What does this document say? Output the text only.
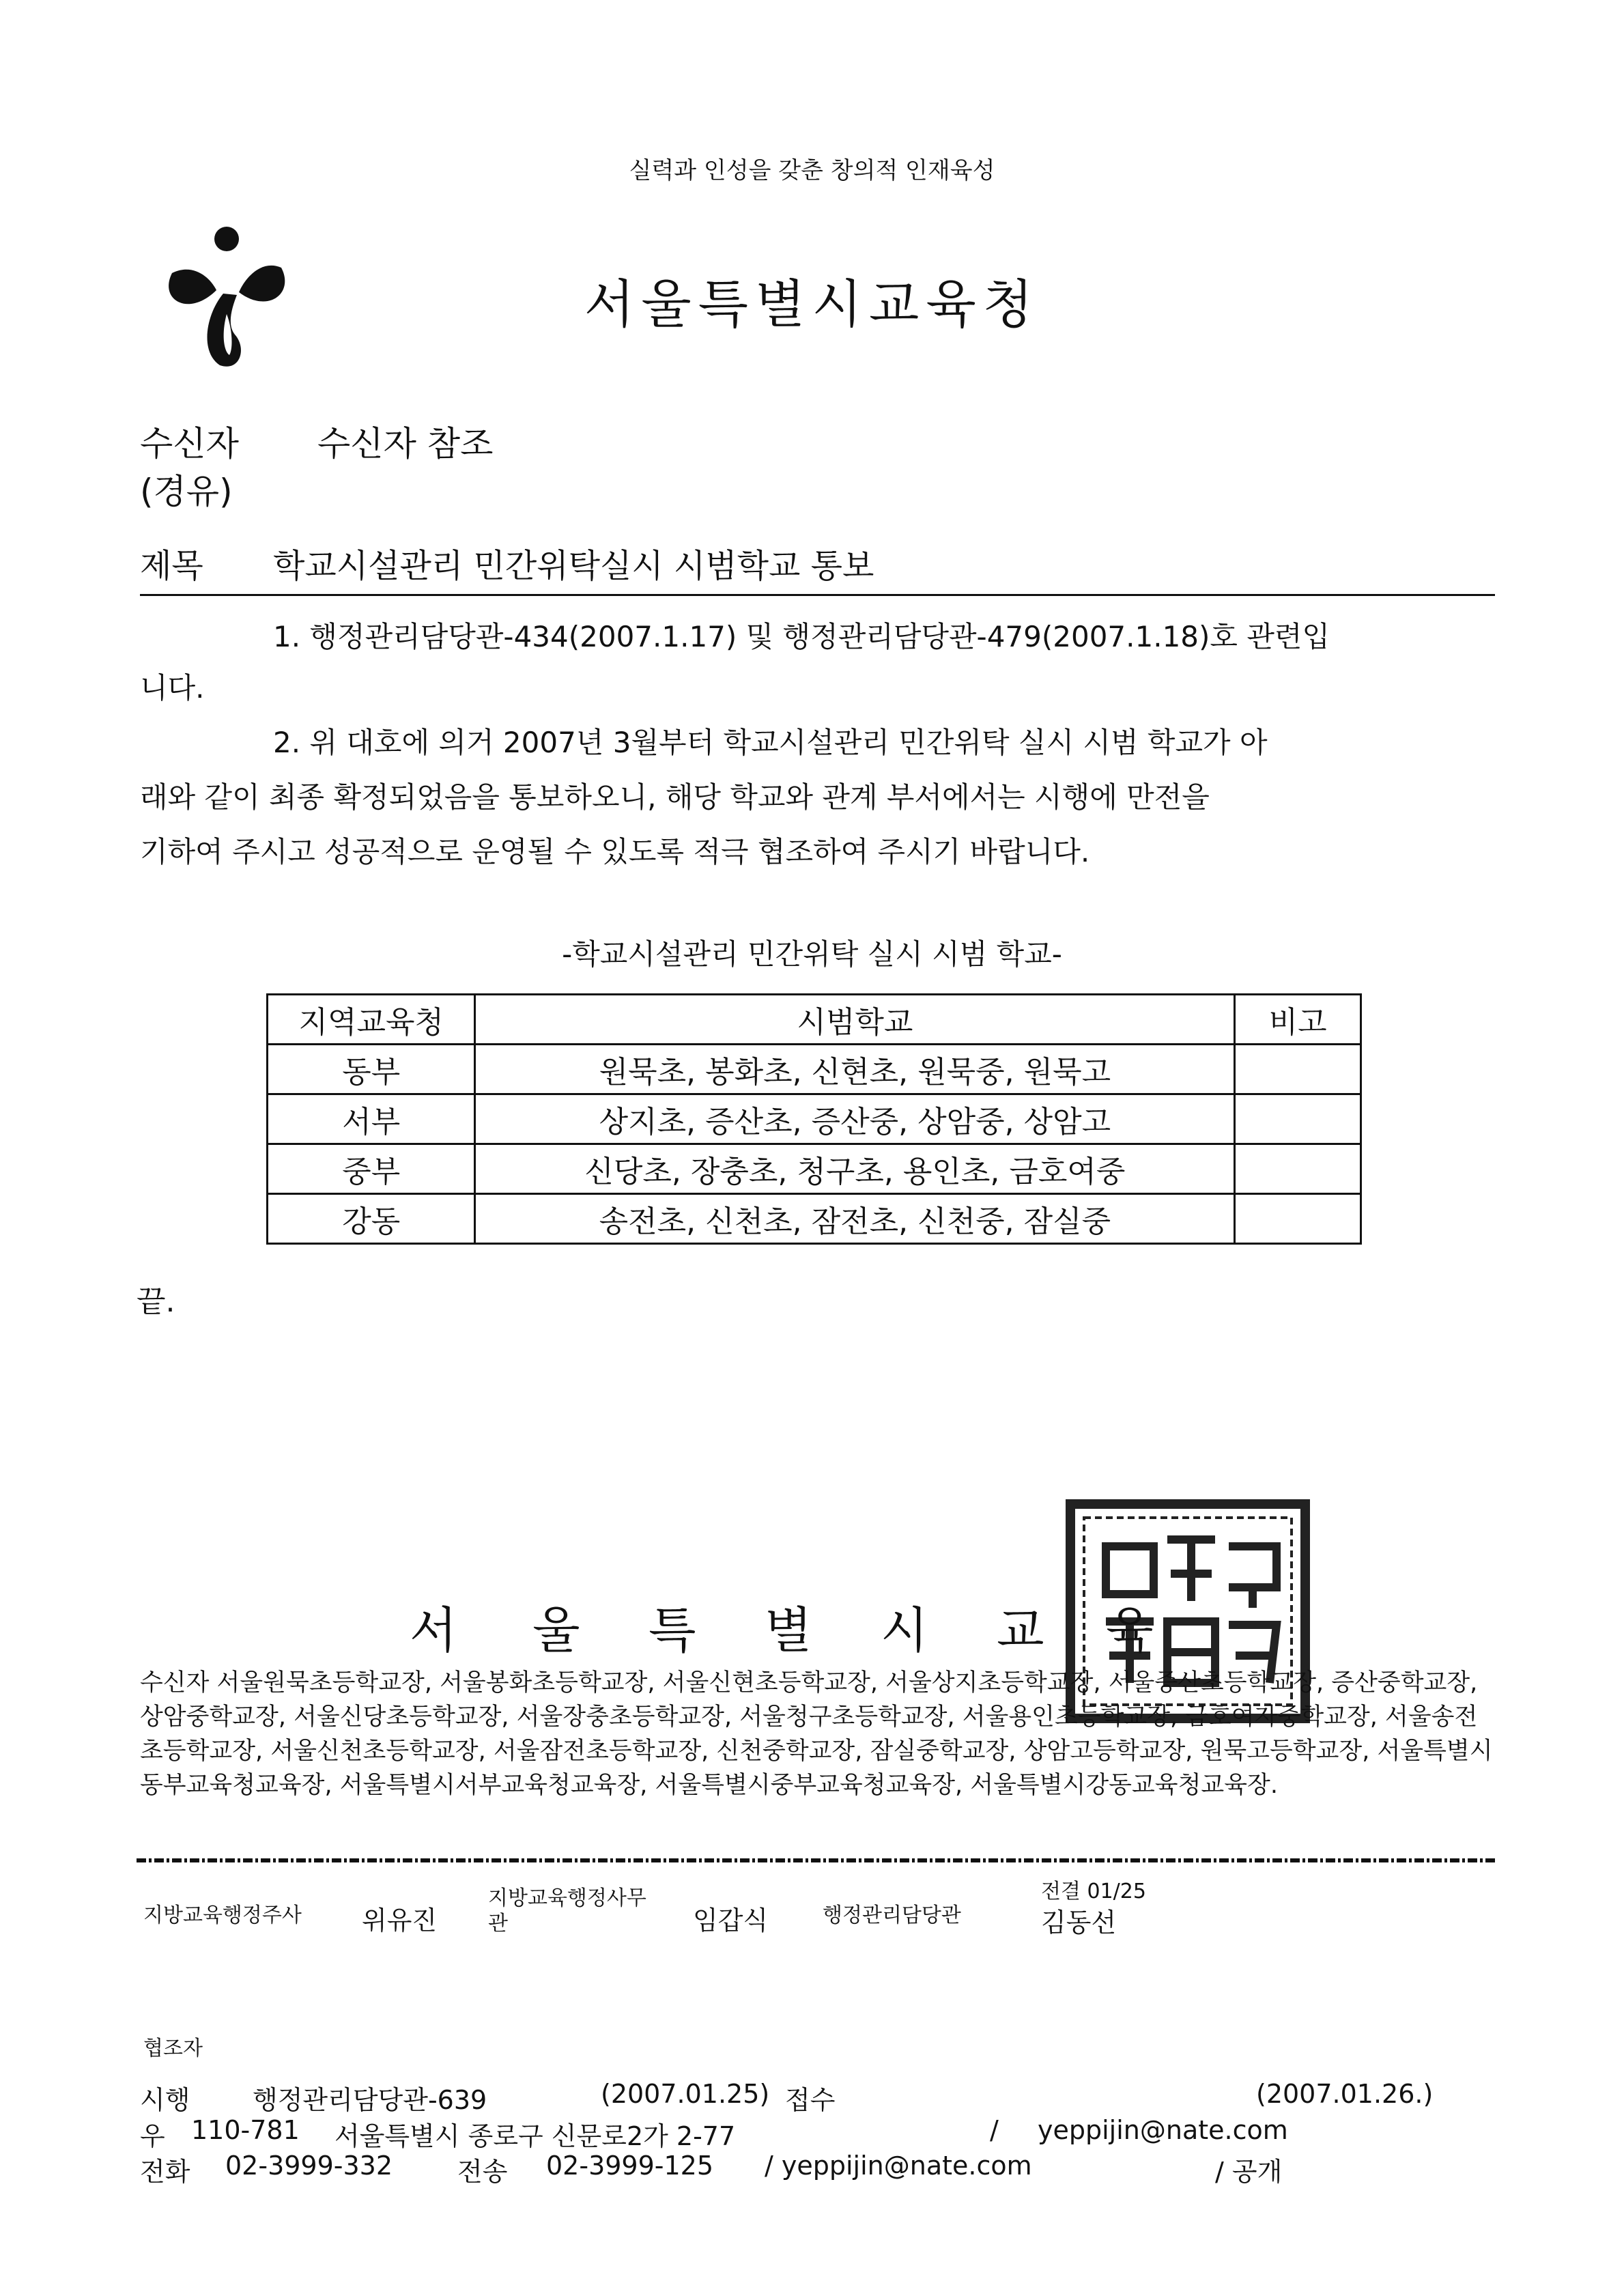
실력과 인성을 갖춘 창의적 인재육성
서울특별시교육청
수신자 수신자 참조
(경유)
제목 학교시설관리 민간위탁실시 시범학교 통보
1. 행정관리담당관-434(2007.1.17) 및 행정관리담당관-479(2007.1.18)호 관련입
니다.
2. 위 대호에 의거 2007년 3월부터 학교시설관리 민간위탁 실시 시범 학교가 아
래와 같이 최종 확정되었음을 통보하오니, 해당 학교와 관계 부서에서는 시행에 만전을
기하여 주시고 성공적으로 운영될 수 있도록 적극 협조하여 주시기 바랍니다.
-학교시설관리 민간위탁 실시 시범 학교-
지역교육청	시범학교	비고
동부	원묵초, 봉화초, 신현초, 원묵중, 원묵고	
서부	상지초, 증산초, 증산중, 상암중, 상암고	
중부	신당초, 장충초, 청구초, 용인초, 금호여중	
강동	송전초, 신천초, 잠전초, 신천중, 잠실중	
끝.
서 울 특 별 시 교 육
수신자 서울원묵초등학교장, 서울봉화초등학교장, 서울신현초등학교장, 서울상지초등학교장, 서울증산초등학교장, 증산중학교장, 상암중학교장, 서울신당초등학교장, 서울장충초등학교장, 서울청구초등학교장, 서울용인초등학교장, 금호여자중학교장, 서울송전초등학교장, 서울신천초등학교장, 서울잠전초등학교장, 신천중학교장, 잠실중학교장, 상암고등학교장, 원묵고등학교장, 서울특별시동부교육청교육장, 서울특별시서부교육청교육장, 서울특별시중부교육청교육장, 서울특별시강동교육청교육장.
지방교육행정주사 위유진
지방교육행정사무
관	임갑식	행정관리담당관
전결 01/25
김동선
협조자
시행 행정관리담당관-639	(2007.01.25) 접수	(2007.01.26.)
우 110-781 서울특별시 종로구 신문로2가 2-77	/ yeppijin@nate.com
전화 02-3999-332 전송 02-3999-125 / yeppijin@nate.com	/ 공개
